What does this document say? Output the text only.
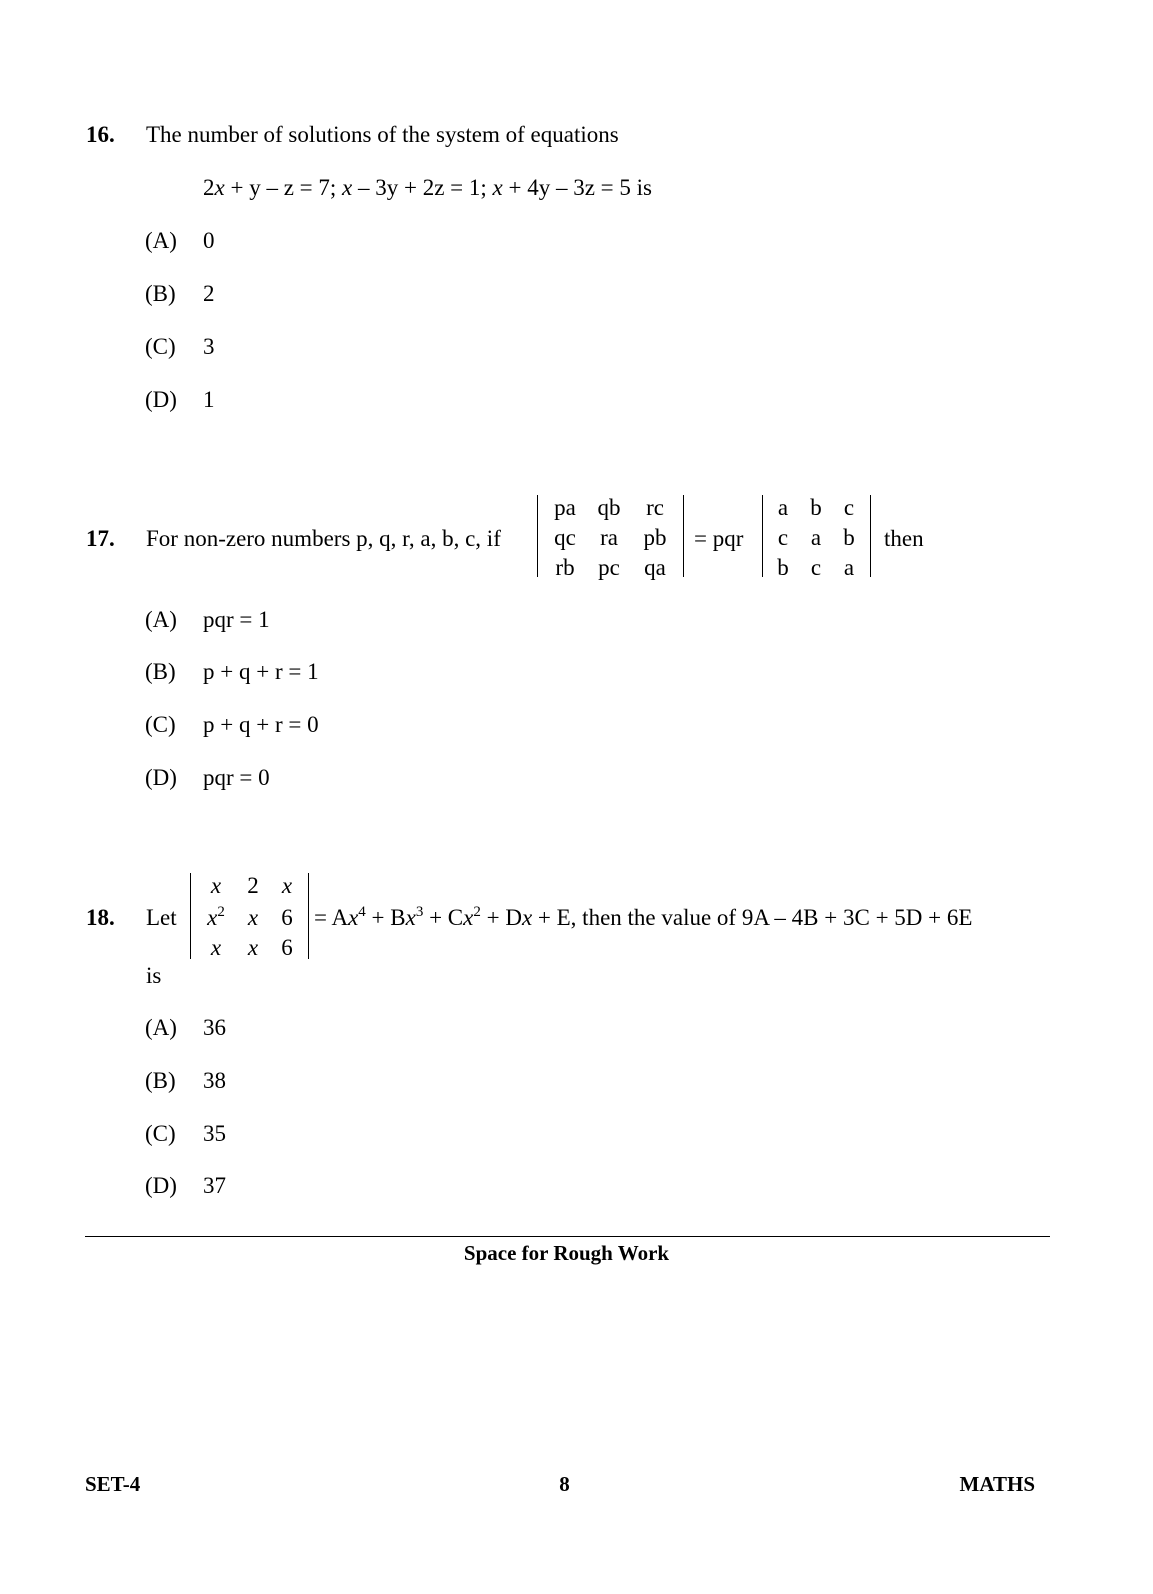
16. The number of solutions of the system of equations
2x + y – z = 7; x – 3y + 2z = 1; x + 4y – 3z = 5 is
(A) 0
(B) 2
(C) 3
(D) 1
17. For non-zero numbers p, q, r, a, b, c, if
pa qb	rc
qc	ra	pb
rb	pc	qa
= pqr
a b c
c a b
b c a
then
(A) pqr = 1
(B) p + q + r = 1
(C) p + q + r = 0
(D) pqr = 0
18. Let
x	2	x
$x^2$	x	6
x	x	6
= $Ax^4 + Bx^3 + Cx^2 + Dx + E$, then the value of 9A – 4B + 3C + 5D + 6E
is
(A) 36
(B) 38
(C) 35
(D) 37
Space for Rough Work
SET-4	8	MATHS
